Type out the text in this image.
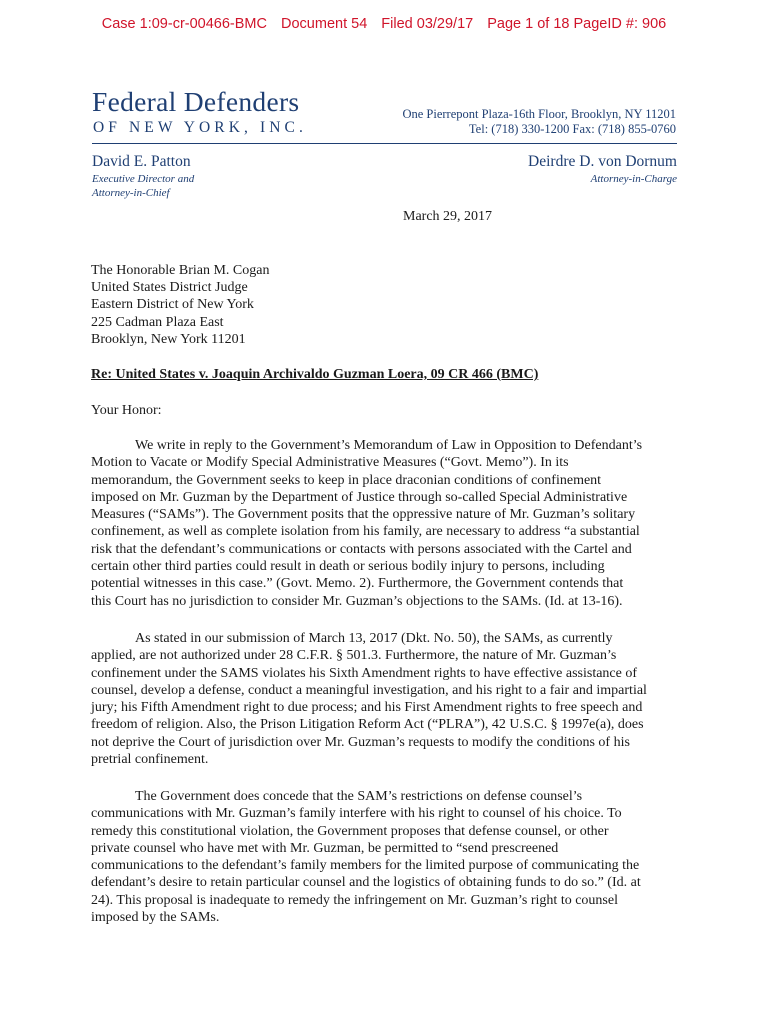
Case 1:09-cr-00466-BMC Document 54 Filed 03/29/17 Page 1 of 18 PageID #: 906
Federal Defenders
OF NEW YORK, INC.
One Pierrepont Plaza-16th Floor, Brooklyn, NY 11201
Tel: (718) 330-1200 Fax: (718) 855-0760
David E. Patton
Executive Director and
Attorney-in-Chief
Deirdre D. von Dornum
Attorney-in-Charge
March 29, 2017
The Honorable Brian M. Cogan
United States District Judge
Eastern District of New York
225 Cadman Plaza East
Brooklyn, New York 11201
Re: United States v. Joaquin Archivaldo Guzman Loera, 09 CR 466 (BMC)
Your Honor:
We write in reply to the Government’s Memorandum of Law in Opposition to Defendant’s
Motion to Vacate or Modify Special Administrative Measures (“Govt. Memo”). In its
memorandum, the Government seeks to keep in place draconian conditions of confinement
imposed on Mr. Guzman by the Department of Justice through so-called Special Administrative
Measures (“SAMs”). The Government posits that the oppressive nature of Mr. Guzman’s solitary
confinement, as well as complete isolation from his family, are necessary to address “a substantial
risk that the defendant’s communications or contacts with persons associated with the Cartel and
certain other third parties could result in death or serious bodily injury to persons, including
potential witnesses in this case.” (Govt. Memo. 2). Furthermore, the Government contends that
this Court has no jurisdiction to consider Mr. Guzman’s objections to the SAMs. (Id. at 13-16).
As stated in our submission of March 13, 2017 (Dkt. No. 50), the SAMs, as currently
applied, are not authorized under 28 C.F.R. § 501.3. Furthermore, the nature of Mr. Guzman’s
confinement under the SAMS violates his Sixth Amendment rights to have effective assistance of
counsel, develop a defense, conduct a meaningful investigation, and his right to a fair and impartial
jury; his Fifth Amendment right to due process; and his First Amendment rights to free speech and
freedom of religion. Also, the Prison Litigation Reform Act (“PLRA”), 42 U.S.C. § 1997e(a), does
not deprive the Court of jurisdiction over Mr. Guzman’s requests to modify the conditions of his
pretrial confinement.
The Government does concede that the SAM’s restrictions on defense counsel’s
communications with Mr. Guzman’s family interfere with his right to counsel of his choice. To
remedy this constitutional violation, the Government proposes that defense counsel, or other
private counsel who have met with Mr. Guzman, be permitted to “send prescreened
communications to the defendant’s family members for the limited purpose of communicating the
defendant’s desire to retain particular counsel and the logistics of obtaining funds to do so.” (Id. at
24). This proposal is inadequate to remedy the infringement on Mr. Guzman’s right to counsel
imposed by the SAMs.
